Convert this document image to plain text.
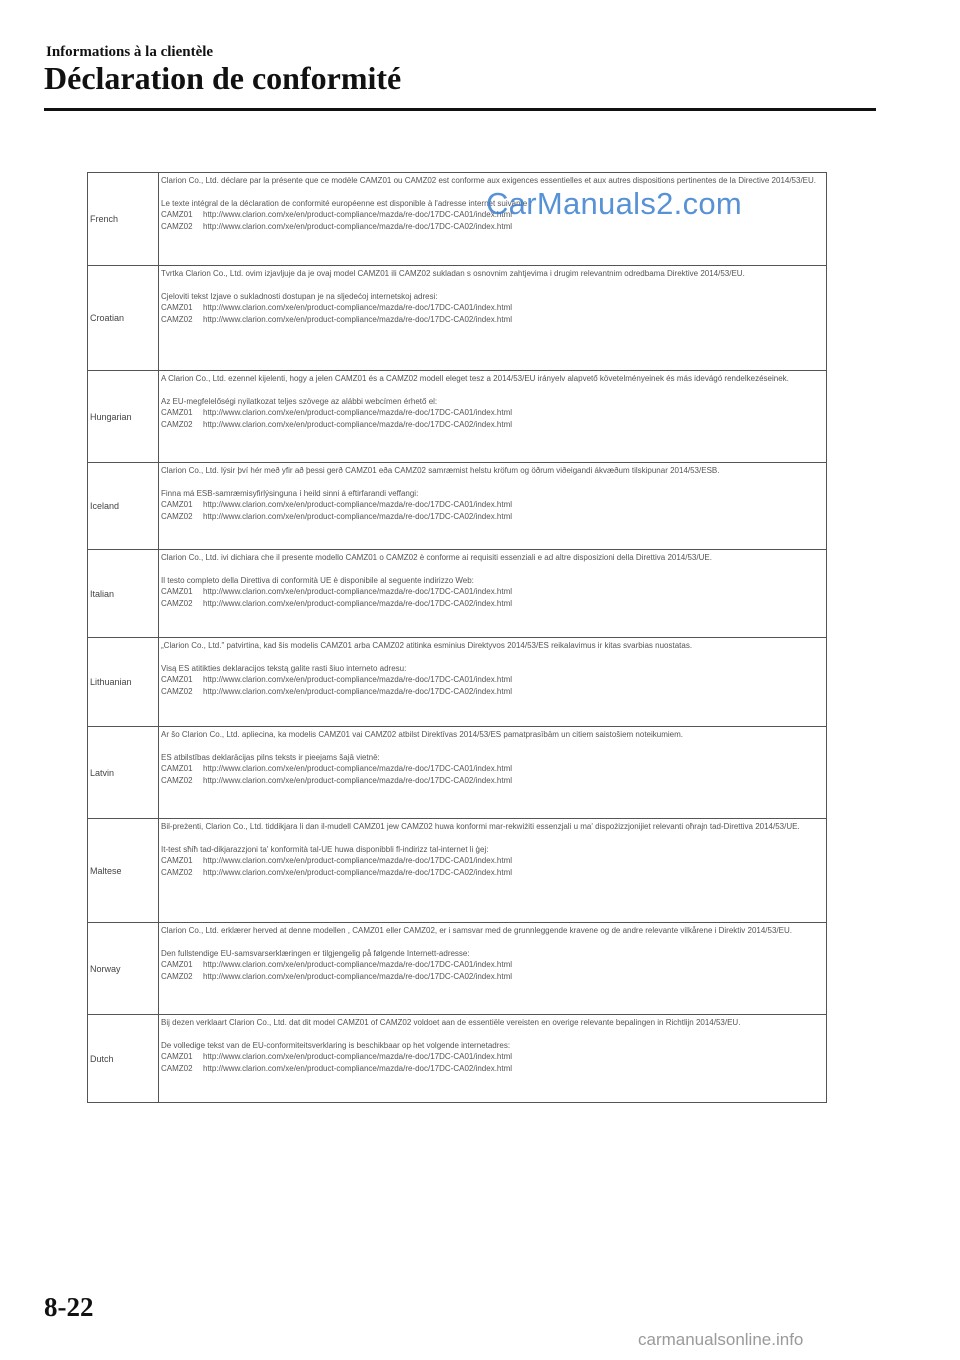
Informations à la clientèle
Déclaration de conformité
French	Clarion Co., Ltd. déclare par la présente que ce modèle CAMZ01 ou CAMZ02 est conforme aux exigences essentielles et aux autres dispositions pertinentes de la Directive 2014/53/EU.

Le texte intégral de la déclaration de conformité européenne est disponible à l'adresse internet suivante :

CAMZ01 http://www.clarion.com/xe/en/product-compliance/mazda/re-doc/17DC-CA01/index.html

CAMZ02 http://www.clarion.com/xe/en/product-compliance/mazda/re-doc/17DC-CA02/index.html

Croatian	Tvrtka Clarion Co., Ltd. ovim izjavljuje da je ovaj model CAMZ01 ili CAMZ02 sukladan s osnovnim zahtjevima i drugim relevantnim odredbama Direktive 2014/53/EU.

Cjeloviti tekst Izjave o sukladnosti dostupan je na sljedećoj internetskoj adresi:

CAMZ01 http://www.clarion.com/xe/en/product-compliance/mazda/re-doc/17DC-CA01/index.html

CAMZ02 http://www.clarion.com/xe/en/product-compliance/mazda/re-doc/17DC-CA02/index.html

Hungarian	A Clarion Co., Ltd. ezennel kijelenti, hogy a jelen CAMZ01 és a CAMZ02 modell eleget tesz a 2014/53/EU irányelv alapvető követelményeinek és más idevágó rendelkezéseinek.

Az EU-megfelelőségi nyilatkozat teljes szövege az alábbi webcímen érhető el:

CAMZ01 http://www.clarion.com/xe/en/product-compliance/mazda/re-doc/17DC-CA01/index.html

CAMZ02 http://www.clarion.com/xe/en/product-compliance/mazda/re-doc/17DC-CA02/index.html

Iceland	Clarion Co., Ltd. lýsir því hér með yfir að þessi gerð CAMZ01 eða CAMZ02 samræmist helstu kröfum og öðrum viðeigandi ákvæðum tilskipunar 2014/53/ESB.

Finna má ESB-samræmisyfirlýsinguna í heild sinni á eftirfarandi veffangi:

CAMZ01 http://www.clarion.com/xe/en/product-compliance/mazda/re-doc/17DC-CA01/index.html

CAMZ02 http://www.clarion.com/xe/en/product-compliance/mazda/re-doc/17DC-CA02/index.html

Italian	Clarion Co., Ltd. ivi dichiara che il presente modello CAMZ01 o CAMZ02 è conforme ai requisiti essenziali e ad altre disposizioni della Direttiva 2014/53/UE.

Il testo completo della Direttiva di conformità UE è disponibile al seguente indirizzo Web:

CAMZ01 http://www.clarion.com/xe/en/product-compliance/mazda/re-doc/17DC-CA01/index.html

CAMZ02 http://www.clarion.com/xe/en/product-compliance/mazda/re-doc/17DC-CA02/index.html

Lithuanian	„Clarion Co., Ltd." patvirtina, kad šis modelis CAMZ01 arba CAMZ02 atitinka esminius Direktyvos 2014/53/ES reikalavimus ir kitas svarbias nuostatas.

Visą ES atitikties deklaracijos tekstą galite rasti šiuo interneto adresu:

CAMZ01 http://www.clarion.com/xe/en/product-compliance/mazda/re-doc/17DC-CA01/index.html

CAMZ02 http://www.clarion.com/xe/en/product-compliance/mazda/re-doc/17DC-CA02/index.html

Latvin	Ar šo Clarion Co., Ltd. apliecina, ka modelis CAMZ01 vai CAMZ02 atbilst Direktīvas 2014/53/ES pamatprasībām un citiem saistošiem noteikumiem.

ES atbilstības deklarācijas pilns teksts ir pieejams šajā vietnē:

CAMZ01 http://www.clarion.com/xe/en/product-compliance/mazda/re-doc/17DC-CA01/index.html

CAMZ02 http://www.clarion.com/xe/en/product-compliance/mazda/re-doc/17DC-CA02/index.html

Maltese	Bil-preżenti, Clarion Co., Ltd. tiddikjara li dan il-mudell CAMZ01 jew CAMZ02 huwa konformi mar-rekwiżiti essenzjali u ma' dispożizzjonijiet relevanti oħrajn tad-Direttiva 2014/53/UE.

It-test sħiħ tad-dikjarazzjoni ta' konformità tal-UE huwa disponibbli fl-indirizz tal-internet li ġej:

CAMZ01 http://www.clarion.com/xe/en/product-compliance/mazda/re-doc/17DC-CA01/index.html

CAMZ02 http://www.clarion.com/xe/en/product-compliance/mazda/re-doc/17DC-CA02/index.html

Norway	Clarion Co., Ltd. erklærer herved at denne modellen , CAMZ01 eller CAMZ02, er i samsvar med de grunnleggende kravene og de andre relevante vilkårene i Direktiv 2014/53/EU.

Den fullstendige EU-samsvarserklæringen er tilgjengelig på følgende Internett-adresse:

CAMZ01 http://www.clarion.com/xe/en/product-compliance/mazda/re-doc/17DC-CA01/index.html

CAMZ02 http://www.clarion.com/xe/en/product-compliance/mazda/re-doc/17DC-CA02/index.html

Dutch	Bij dezen verklaart Clarion Co., Ltd. dat dit model CAMZ01 of CAMZ02 voldoet aan de essentiële vereisten en overige relevante bepalingen in Richtlijn 2014/53/EU.

De volledige tekst van de EU-conformiteitsverklaring is beschikbaar op het volgende internetadres:

CAMZ01 http://www.clarion.com/xe/en/product-compliance/mazda/re-doc/17DC-CA01/index.html

CAMZ02 http://www.clarion.com/xe/en/product-compliance/mazda/re-doc/17DC-CA02/index.html

CarManuals2.com
8-22
carmanualsonline.info
